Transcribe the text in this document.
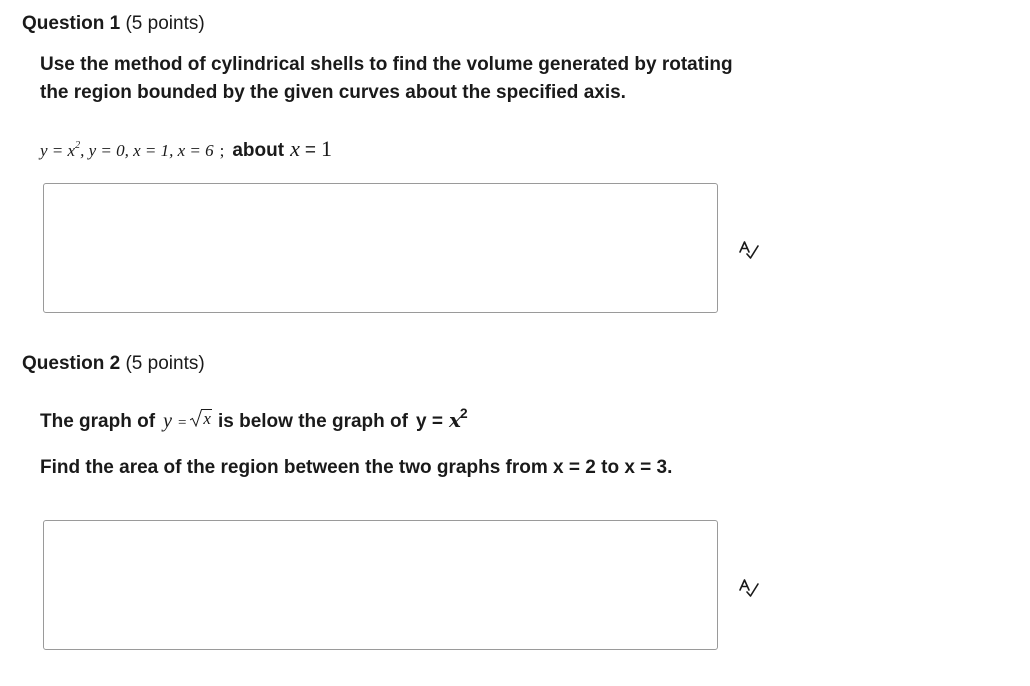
Question 1 (5 points)
Use the method of cylindrical shells to find the volume generated by rotating
the region bounded by the given curves about the specified axis.
$y = x^2$, y = 0, x = 1, x = 6 ; about x = 1
Question 2 (5 points)
The graph of y = x is below the graph of y = x2
Find the area of the region between the two graphs from x = 2 to x = 3.
